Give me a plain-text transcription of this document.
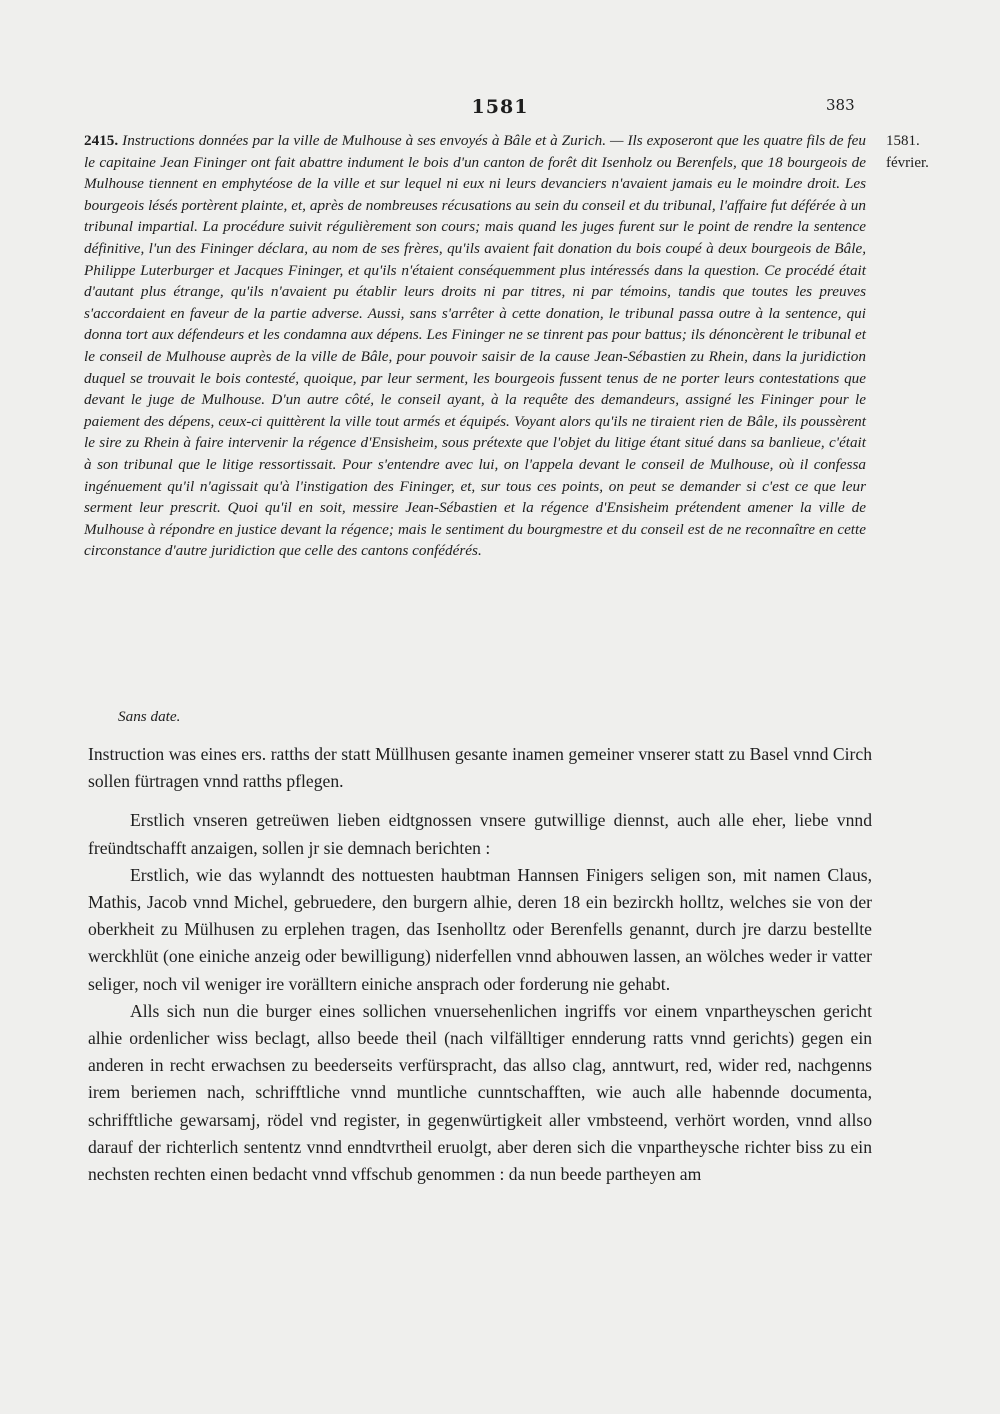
1581	383
1581.
février.
2415. Instructions données par la ville de Mulhouse à ses envoyés à Bâle et à Zurich. — Ils exposeront que les quatre fils de feu le capitaine Jean Fininger ont fait abattre indument le bois d'un canton de forêt dit Isenholz ou Berenfels, que 18 bourgeois de Mulhouse tiennent en emphytéose de la ville et sur lequel ni eux ni leurs devanciers n'avaient jamais eu le moindre droit. Les bourgeois lésés portèrent plainte, et, après de nombreuses récusations au sein du conseil et du tribunal, l'affaire fut déférée à un tribunal impartial. La procédure suivit régulièrement son cours; mais quand les juges furent sur le point de rendre la sentence définitive, l'un des Fininger déclara, au nom de ses frères, qu'ils avaient fait donation du bois coupé à deux bourgeois de Bâle, Philippe Luterburger et Jacques Fininger, et qu'ils n'étaient conséquemment plus intéressés dans la question. Ce procédé était d'autant plus étrange, qu'ils n'avaient pu établir leurs droits ni par titres, ni par témoins, tandis que toutes les preuves s'accordaient en faveur de la partie adverse. Aussi, sans s'arrêter à cette donation, le tribunal passa outre à la sentence, qui donna tort aux défendeurs et les condamna aux dépens. Les Fininger ne se tinrent pas pour battus; ils dénoncèrent le tribunal et le conseil de Mulhouse auprès de la ville de Bâle, pour pouvoir saisir de la cause Jean-Sébastien zu Rhein, dans la juridiction duquel se trouvait le bois contesté, quoique, par leur serment, les bourgeois fussent tenus de ne porter leurs contestations que devant le juge de Mulhouse. D'un autre côté, le conseil ayant, à la requête des demandeurs, assigné les Fininger pour le paiement des dépens, ceux-ci quittèrent la ville tout armés et équipés. Voyant alors qu'ils ne tiraient rien de Bâle, ils poussèrent le sire zu Rhein à faire intervenir la régence d'Ensisheim, sous prétexte que l'objet du litige étant situé dans sa banlieue, c'était à son tribunal que le litige ressortissait. Pour s'entendre avec lui, on l'appela devant le conseil de Mulhouse, où il confessa ingénuement qu'il n'agissait qu'à l'instigation des Fininger, et, sur tous ces points, on peut se demander si c'est ce que leur serment leur prescrit. Quoi qu'il en soit, messire Jean-Sébastien et la régence d'Ensisheim prétendent amener la ville de Mulhouse à répondre en justice devant la régence; mais le sentiment du bourgmestre et du conseil est de ne reconnaître en cette circonstance d'autre juridiction que celle des cantons confédérés.
Sans date.

Instruction was eines ers. ratths der statt Müllhusen gesante inamen gemeiner vnserer statt zu Basel vnnd Circh sollen fürtragen vnnd ratths pflegen.

Erstlich vnseren getreüwen lieben eidtgnossen vnsere gutwillige diennst, auch alle eher, liebe vnnd freündtschafft anzaigen, sollen jr sie demnach berichten :

Erstlich, wie das wylanndt des nottuesten haubtman Hannsen Finigers seligen son, mit namen Claus, Mathis, Jacob vnnd Michel, gebruedere, den burgern alhie, deren 18 ein bezirckh holltz, welches sie von der oberkheit zu Mülhusen zu erplehen tragen, das Isenholltz oder Berenfells genannt, durch jre darzu bestellte werckhlüt (one einiche anzeig oder bewilligung) niderfellen vnnd abhouwen lassen, an wölches weder ir vatter seliger, noch vil weniger ire vorälltern einiche ansprach oder forderung nie gehabt.

Alls sich nun die burger eines sollichen vnuersehenlichen ingriffs vor einem vnpartheyschen gericht alhie ordenlicher wiss beclagt, allso beede theil (nach vilfälltiger ennderung ratts vnnd gerichts) gegen ein anderen in recht erwachsen zu beederseits verfürspracht, das allso clag, anntwurt, red, wider red, nachgenns irem beriemen nach, schrifftliche vnnd muntliche cunntschafften, wie auch alle habennde documenta, schrifftliche gewarsamj, rödel vnd register, in gegenwürtigkeit aller vmbsteend, verhört worden, vnnd allso darauf der richterlich sententz vnnd enndtvrtheil eruolgt, aber deren sich die vnpartheysche richter biss zu ein nechsten rechten einen bedacht vnnd vffschub genommen : da nun beede partheyen am
